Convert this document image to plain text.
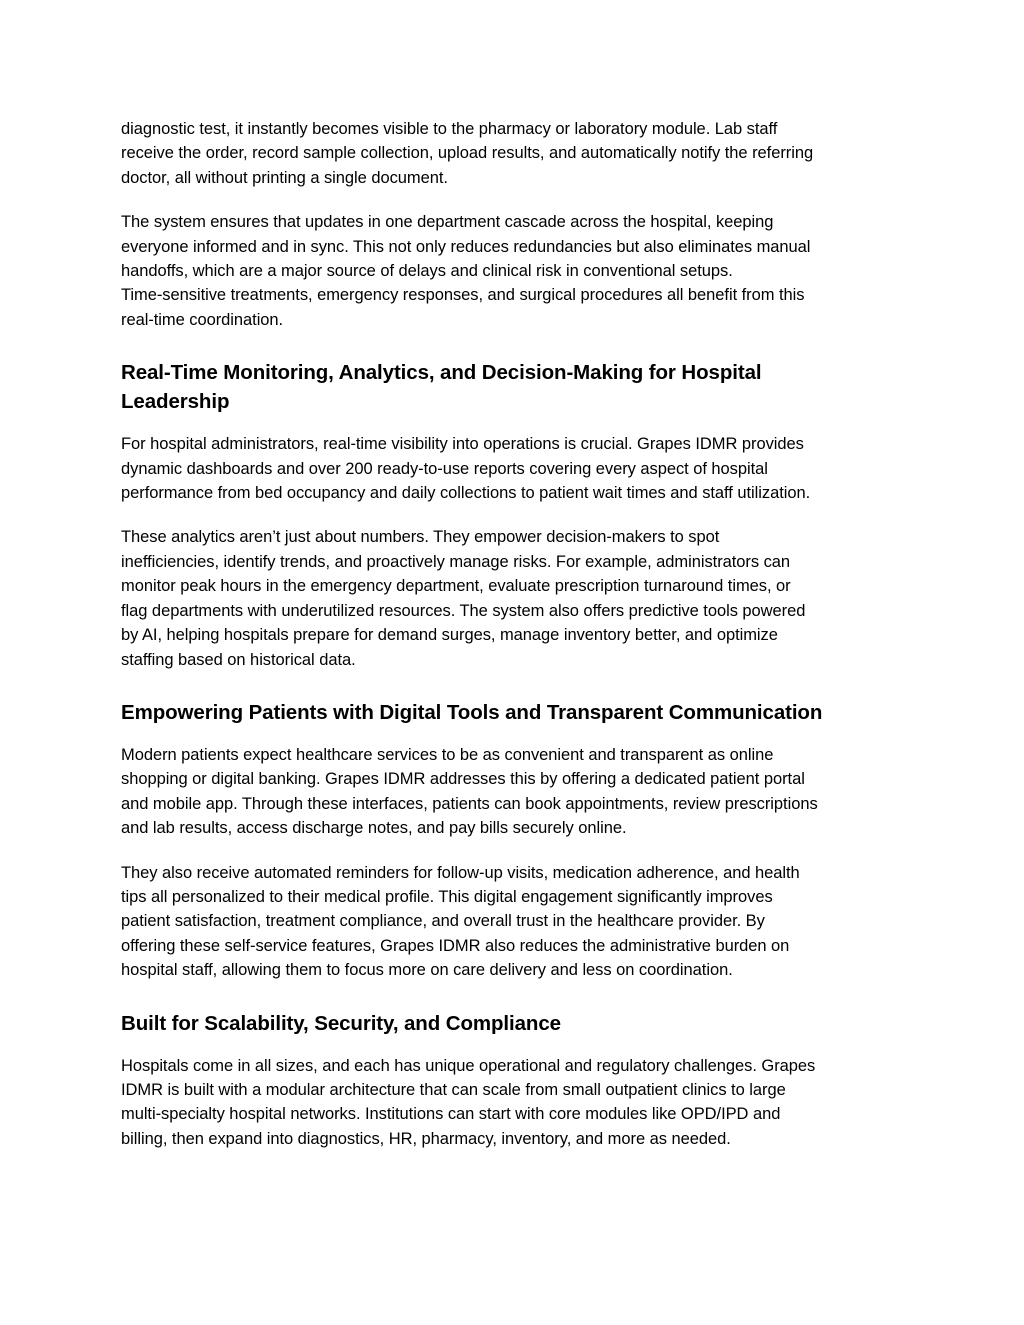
diagnostic test, it instantly becomes visible to the pharmacy or laboratory module. Lab staff
receive the order, record sample collection, upload results, and automatically notify the referring
doctor, all without printing a single document.

The system ensures that updates in one department cascade across the hospital, keeping
everyone informed and in sync. This not only reduces redundancies but also eliminates manual
handoffs, which are a major source of delays and clinical risk in conventional setups.
Time-sensitive treatments, emergency responses, and surgical procedures all benefit from this
real-time coordination.

Real-Time Monitoring, Analytics, and Decision-Making for Hospital
Leadership

For hospital administrators, real-time visibility into operations is crucial. Grapes IDMR provides
dynamic dashboards and over 200 ready-to-use reports covering every aspect of hospital
performance from bed occupancy and daily collections to patient wait times and staff utilization.

These analytics aren’t just about numbers. They empower decision-makers to spot
inefficiencies, identify trends, and proactively manage risks. For example, administrators can
monitor peak hours in the emergency department, evaluate prescription turnaround times, or
flag departments with underutilized resources. The system also offers predictive tools powered
by AI, helping hospitals prepare for demand surges, manage inventory better, and optimize
staffing based on historical data.

Empowering Patients with Digital Tools and Transparent Communication

Modern patients expect healthcare services to be as convenient and transparent as online
shopping or digital banking. Grapes IDMR addresses this by offering a dedicated patient portal
and mobile app. Through these interfaces, patients can book appointments, review prescriptions
and lab results, access discharge notes, and pay bills securely online.

They also receive automated reminders for follow-up visits, medication adherence, and health
tips all personalized to their medical profile. This digital engagement significantly improves
patient satisfaction, treatment compliance, and overall trust in the healthcare provider. By
offering these self-service features, Grapes IDMR also reduces the administrative burden on
hospital staff, allowing them to focus more on care delivery and less on coordination.

Built for Scalability, Security, and Compliance

Hospitals come in all sizes, and each has unique operational and regulatory challenges. Grapes
IDMR is built with a modular architecture that can scale from small outpatient clinics to large
multi-specialty hospital networks. Institutions can start with core modules like OPD/IPD and
billing, then expand into diagnostics, HR, pharmacy, inventory, and more as needed.
